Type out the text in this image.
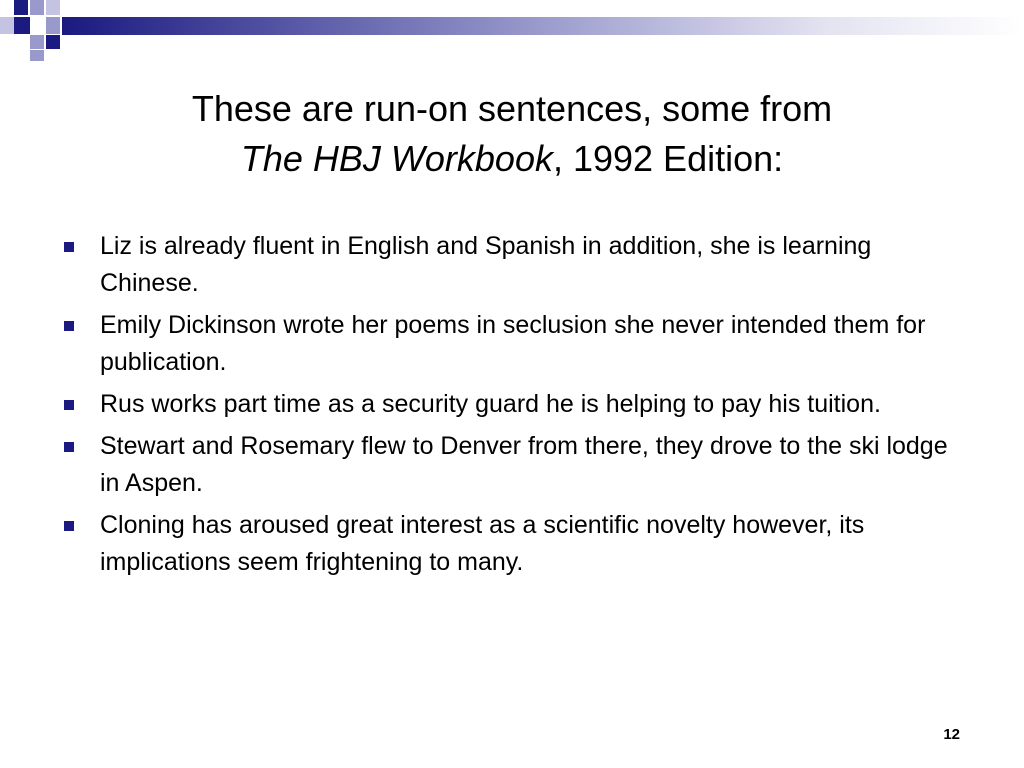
These are run-on sentences, some from
The HBJ Workbook, 1992 Edition:
Liz is already fluent in English and Spanish in addition, she is learning Chinese.
Emily Dickinson wrote her poems in seclusion she never intended them for publication.
Rus works part time as a security guard he is helping to pay his tuition.
Stewart and Rosemary flew to Denver from there, they drove to the ski lodge in Aspen.
Cloning has aroused great interest as a scientific novelty however, its implications seem frightening to many.
12
